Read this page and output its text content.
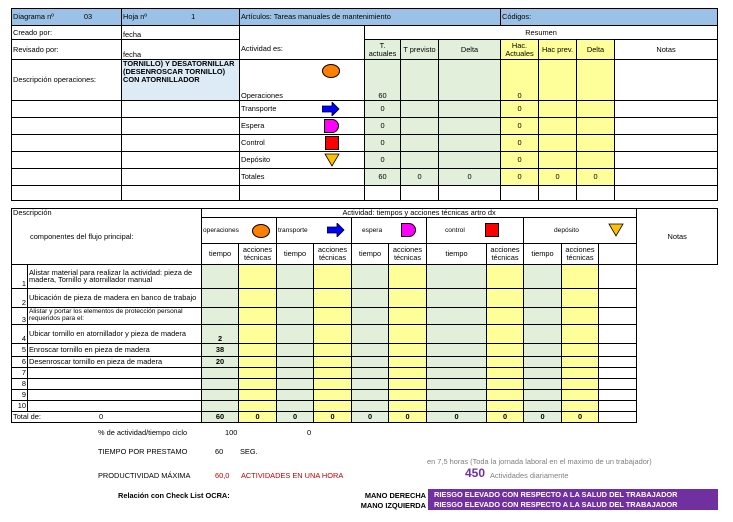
Diagrama nº 03	Hoja nº 1	Artículos: Tareas manuales de mantenimiento				Códigos:			
Creado por:	fecha		Resumen						
Revisado por:	fecha	Actividad es:	T. actuales	T previsto	Delta	Hac. Actuales	Hac prev.	Delta	Notas
Descripción operaciones:	TORNILLO) Y DESATORNILLAR (DESENROSCAR TORNILLO) CON ATORNILLADOR	Operaciones	60			0			
		Transporte	0			0			
		Espera	0			0			
		Control	0			0			
		Depósito	0			0			
		Totales	60	0	0	0	0	0	

Descripción
componentes del flujo principal:		Actividad: tiempos y acciones técnicas artro dx											Notas
		operaciones		transporte		espera		control		depósito			

		tiempo	acciones técnicas	tiempo	acciones técnicas	tiempo	acciones técnicas	tiempo	acciones técnicas	tiempo	acciones técnicas		
1	Alistar material para realizar la actividad: pieza de madera, Tornillo y atornillador manual												
2	Ubicación de pieza de madera en banco de trabajo												
3	Alistar y portar los elementos de protección personal requeridos para el:												
4	Ubicar tornillo en atornillador y pieza de madera	2											
5	Enroscar tornillo en pieza de madera	38											
6	Desenroscar tornillo en pieza de madera	20											
7													
8													
9													
10													
Total de: 0		60	0	0	0	0	0	0	0	0	0		
% de actividad/tiempo ciclo	100	0
TIEMPO POR PRESTAMO	60 SEG.
en 7,5 horas (Toda la jornada laboral en el maximo de un trabajador)
PRODUCTIVIDAD MÁXIMA	60,0 ACTIVIDADES EN UNA HORA	450 Actividades diariamente
Relación con Check List OCRA:	MANO DERECHA	RIESGO ELEVADO CON RESPECTO A LA SALUD DEL TRABAJADOR
MANO IZQUIERDA	RIESGO ELEVADO CON RESPECTO A LA SALUD DEL TRABAJADOR
